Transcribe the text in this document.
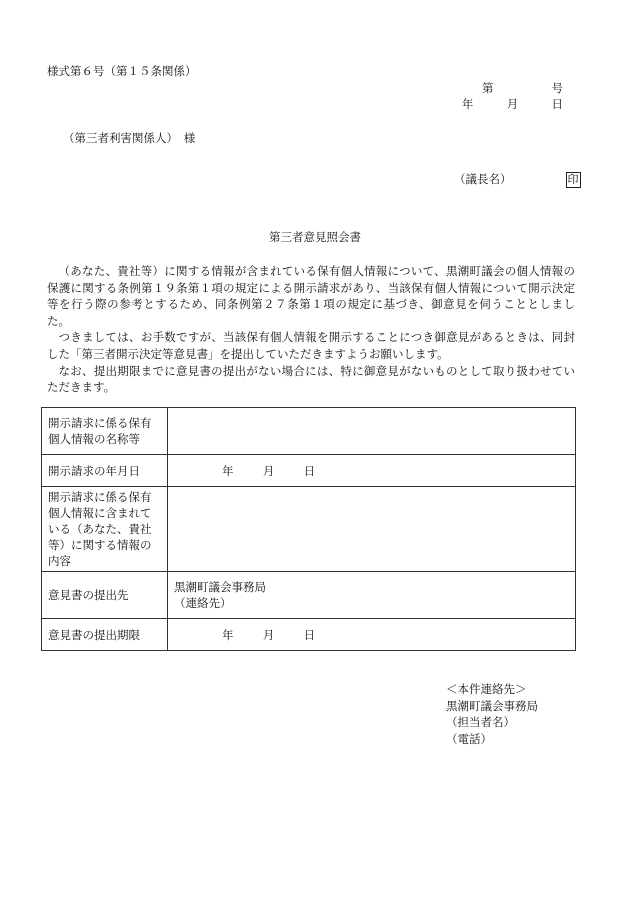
様式第６号（第１５条関係）
第	号
年	月	日
（第三者利害関係人）　様
（議長名）	印
第三者意見照会書

（あなた、貴社等）に関する情報が含まれている保有個人情報について、黒潮町議会の個人情報の保護に関する条例第１９条第１項の規定による開示請求があり、当該保有個人情報について開示決定等を行う際の参考とするため、同条例第２７条第１項の規定に基づき、御意見を伺うこととしました。

つきましては、お手数ですが、当該保有個人情報を開示することにつき御意見があるときは、同封した「第三者開示決定等意見書」を提出していただきますようお願いします。

なお、提出期限までに意見書の提出がない場合には、特に御意見がないものとして取り扱わせていただきます。

開示請求に係る保有個人情報の名称等	
開示請求の年月日	年 月 日
開示請求に係る保有個人情報に含まれている（あなた、貴社等）に関する情報の内容	
意見書の提出先	黒潮町議会事務局
（連絡先）

意見書の提出期限	年 月 日
＜本件連絡先＞
黒潮町議会事務局
（担当者名）
（電話）
